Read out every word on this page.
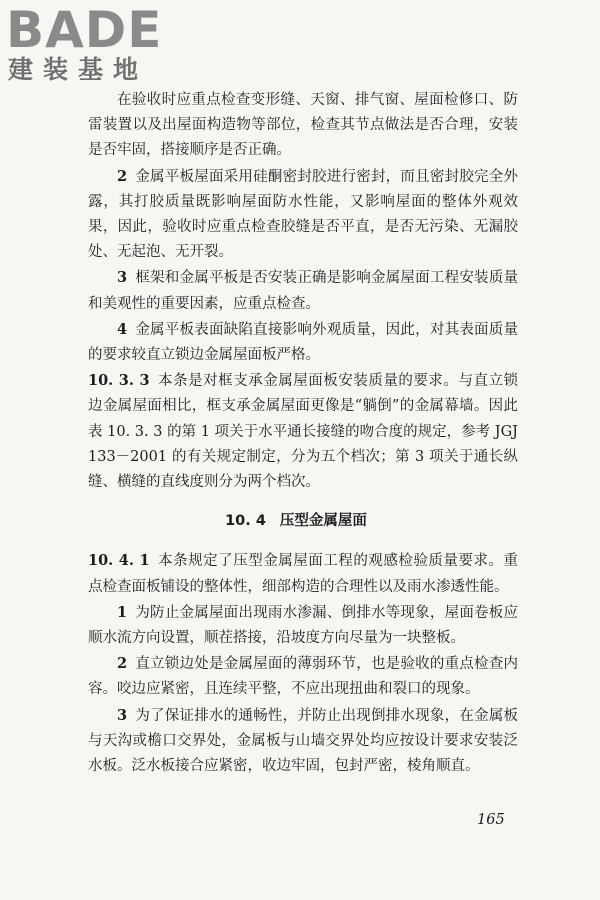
BADE
建装基地

在验收时应重点检查变形缝、天窗、排气窗、屋面检修口、防雷装置以及出屋面构造物等部位，检查其节点做法是否合理，安装是否牢固，搭接顺序是否正确。

2 金属平板屋面采用硅酮密封胶进行密封，而且密封胶完全外露，其打胶质量既影响屋面防水性能，又影响屋面的整体外观效果，因此，验收时应重点检查胶缝是否平直，是否无污染、无漏胶处、无起泡、无开裂。

3 框架和金属平板是否安装正确是影响金属屋面工程安装质量和美观性的重要因素，应重点检查。

4 金属平板表面缺陷直接影响外观质量，因此，对其表面质量的要求较直立锁边金属屋面板严格。

10. 3. 3 本条是对框支承金属屋面板安装质量的要求。与直立锁边金属屋面相比，框支承金属屋面更像是“躺倒”的金属幕墙。因此表 10. 3. 3 的第 1 项关于水平通长接缝的吻合度的规定，参考 JGJ 133－2001 的有关规定制定，分为五个档次；第 3 项关于通长纵缝、横缝的直线度则分为两个档次。

10. 4 压型金属屋面

10. 4. 1 本条规定了压型金属屋面工程的观感检验质量要求。重点检查面板铺设的整体性，细部构造的合理性以及雨水渗透性能。

1 为防止金属屋面出现雨水渗漏、倒排水等现象，屋面卷板应顺水流方向设置，顺茬搭接，沿坡度方向尽量为一块整板。

2 直立锁边处是金属屋面的薄弱环节，也是验收的重点检查内容。咬边应紧密，且连续平整，不应出现扭曲和裂口的现象。

3 为了保证排水的通畅性，并防止出现倒排水现象，在金属板与天沟或檐口交界处，金属板与山墙交界处均应按设计要求安装泛水板。泛水板接合应紧密，收边牢固，包封严密，棱角顺直。

165
